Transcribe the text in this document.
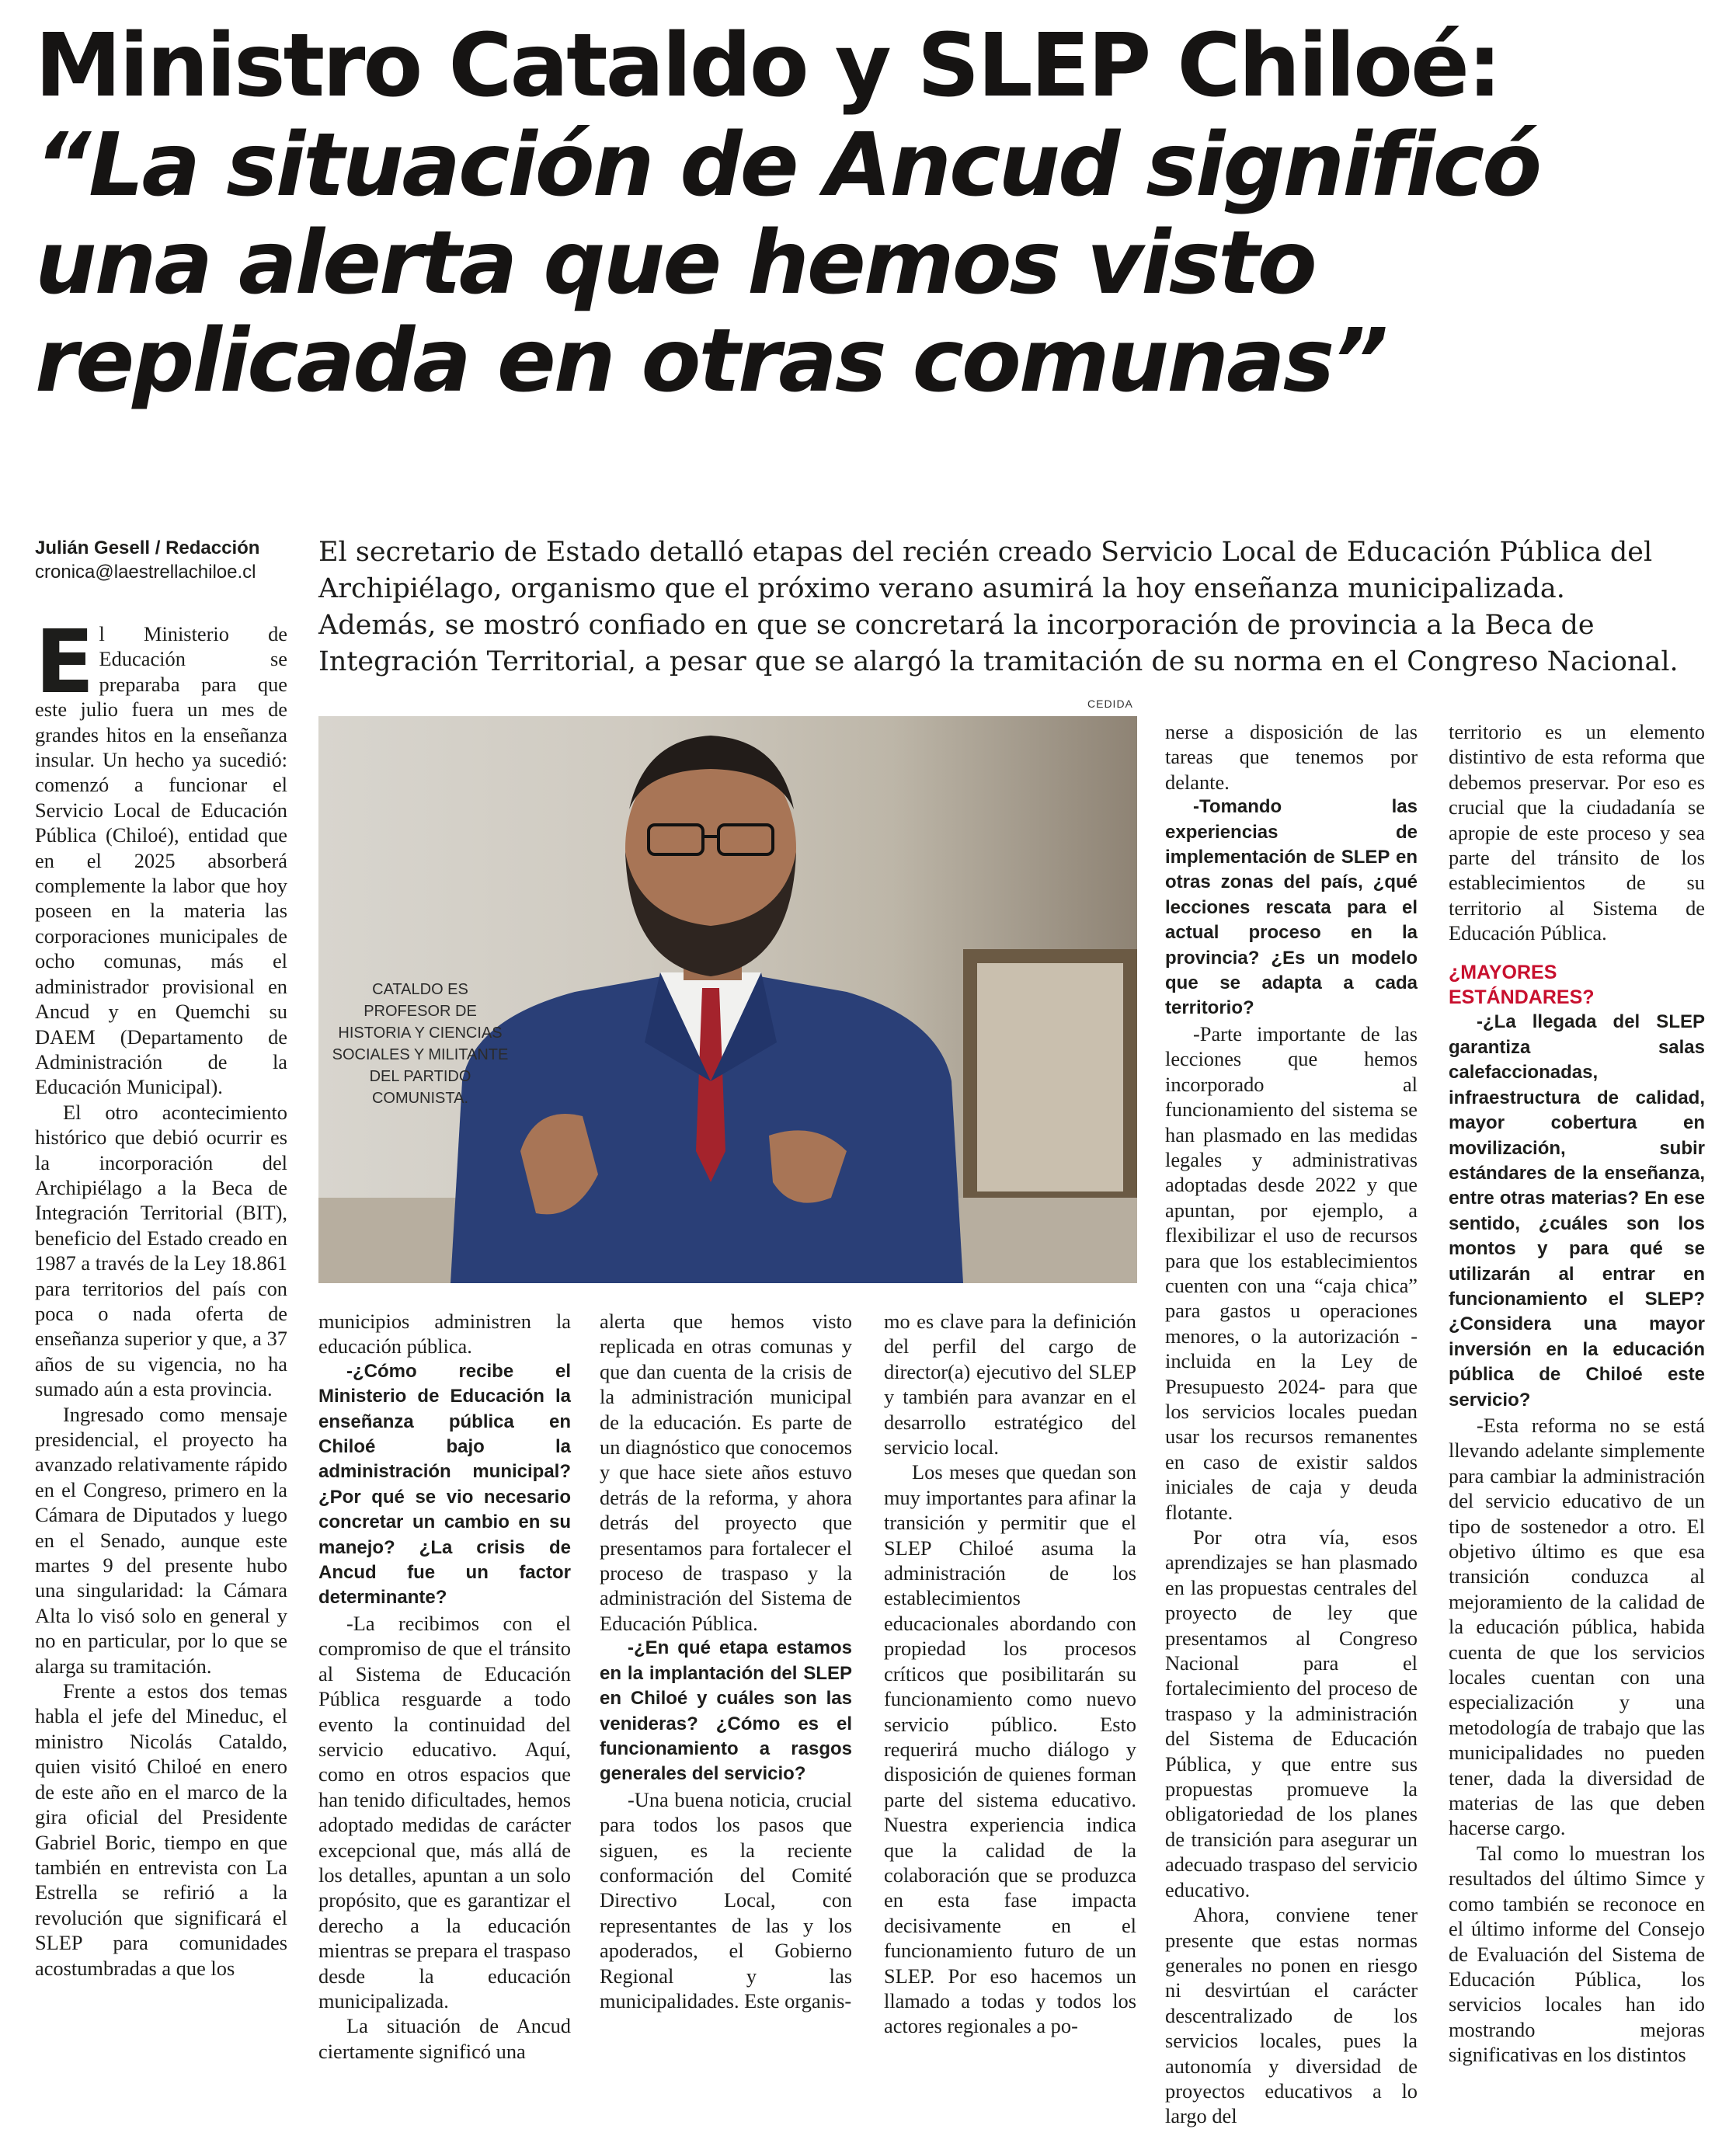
Ministro Cataldo y SLEP Chiloé:
“La situación de Ancud significó
una alerta que hemos visto
replicada en otras comunas”
Julián Gesell / Redacción
cronica@laestrellachiloe.cl
El secretario de Estado detalló etapas del recién creado Servicio Local de Educación Pública del
Archipiélago, organismo que el próximo verano asumirá la hoy enseñanza municipalizada.
Además, se mostró confiado en que se concretará la incorporación de provincia a la Beca de
Integración Territorial, a pesar que se alargó la tramitación de su norma en el Congreso Nacional.
CEDIDA
CATALDO ES PROFESOR DE HISTORIA Y CIENCIAS SOCIALES Y MILITANTE DEL PARTIDO COMUNISTA.

El Ministerio de Educación se preparaba para que este julio fuera un mes de grandes hitos en la enseñanza insular. Un hecho ya sucedió: comenzó a funcionar el Servicio Local de Educación Pública (Chiloé), entidad que en el 2025 absorberá complemente la labor que hoy poseen en la materia las corporaciones municipales de ocho comunas, más el administrador provisional en Ancud y en Quemchi su DAEM (Departamento de Administración de la Educación Municipal).

El otro acontecimiento histórico que debió ocurrir es la incorporación del Archipiélago a la Beca de Integración Territorial (BIT), beneficio del Estado creado en 1987 a través de la Ley 18.861 para territorios del país con poca o nada oferta de enseñanza superior y que, a 37 años de su vigencia, no ha sumado aún a esta provincia.

Ingresado como mensaje presidencial, el proyecto ha avanzado relativamente rápido en el Congreso, primero en la Cámara de Diputados y luego en el Senado, aunque este martes 9 del presente hubo una singularidad: la Cámara Alta lo visó solo en general y no en particular, por lo que se alarga su tramitación.

Frente a estos dos temas habla el jefe del Mineduc, el ministro Nicolás Cataldo, quien visitó Chiloé en enero de este año en el marco de la gira oficial del Presidente Gabriel Boric, tiempo en que también en entrevista con La Estrella se refirió a la revolución que significará el SLEP para comunidades acostumbradas a que los

municipios administren la educación pública.

-¿Cómo recibe el Ministerio de Educación la enseñanza pública en Chiloé bajo la administración municipal? ¿Por qué se vio necesario concretar un cambio en su manejo? ¿La crisis de Ancud fue un factor determinante?

-La recibimos con el compromiso de que el tránsito al Sistema de Educación Pública resguarde a todo evento la continuidad del servicio educativo. Aquí, como en otros espacios que han tenido dificultades, hemos adoptado medidas de carácter excepcional que, más allá de los detalles, apuntan a un solo propósito, que es garantizar el derecho a la educación mientras se prepara el traspaso desde la educación municipalizada.

La situación de Ancud ciertamente significó una

alerta que hemos visto replicada en otras comunas y que dan cuenta de la crisis de la administración municipal de la educación. Es parte de un diagnóstico que conocemos y que hace siete años estuvo detrás de la reforma, y ahora detrás del proyecto que presentamos para fortalecer el proceso de traspaso y la administración del Sistema de Educación Pública.

-¿En qué etapa estamos en la implantación del SLEP en Chiloé y cuáles son las venideras? ¿Cómo es el funcionamiento a rasgos generales del servicio?

-Una buena noticia, crucial para todos los pasos que siguen, es la reciente conformación del Comité Directivo Local, con representantes de las y los apoderados, el Gobierno Regional y las municipalidades. Este organis-

mo es clave para la definición del perfil del cargo de director(a) ejecutivo del SLEP y también para avanzar en el desarrollo estratégico del servicio local.

Los meses que quedan son muy importantes para afinar la transición y permitir que el SLEP Chiloé asuma la administración de los establecimientos educacionales abordando con propiedad los procesos críticos que posibilitarán su funcionamiento como nuevo servicio público. Esto requerirá mucho diálogo y disposición de quienes forman parte del sistema educativo. Nuestra experiencia indica que la calidad de la colaboración que se produzca en esta fase impacta decisivamente en el funcionamiento futuro de un SLEP. Por eso hacemos un llamado a todas y todos los actores regionales a po-

nerse a disposición de las tareas que tenemos por delante.

-Tomando las experiencias de implementación de SLEP en otras zonas del país, ¿qué lecciones rescata para el actual proceso en la provincia? ¿Es un modelo que se adapta a cada territorio?

-Parte importante de las lecciones que hemos incorporado al funcionamiento del sistema se han plasmado en las medidas legales y administrativas adoptadas desde 2022 y que apuntan, por ejemplo, a flexibilizar el uso de recursos para que los establecimientos cuenten con una “caja chica” para gastos u operaciones menores, o la autorización -incluida en la Ley de Presupuesto 2024- para que los servicios locales puedan usar los recursos remanentes en caso de existir saldos iniciales de caja y deuda flotante.

Por otra vía, esos aprendizajes se han plasmado en las propuestas centrales del proyecto de ley que presentamos al Congreso Nacional para el fortalecimiento del proceso de traspaso y la administración del Sistema de Educación Pública, y que entre sus propuestas promueve la obligatoriedad de los planes de transición para asegurar un adecuado traspaso del servicio educativo.

Ahora, conviene tener presente que estas normas generales no ponen en riesgo ni desvirtúan el carácter descentralizado de los servicios locales, pues la autonomía y diversidad de proyectos educativos a lo largo del

territorio es un elemento distintivo de esta reforma que debemos preservar. Por eso es crucial que la ciudadanía se apropie de este proceso y sea parte del tránsito de los establecimientos de su territorio al Sistema de Educación Pública.

¿MAYORES ESTÁNDARES?

-¿La llegada del SLEP garantiza salas calefaccionadas, infraestructura de calidad, mayor cobertura en movilización, subir estándares de la enseñanza, entre otras materias? En ese sentido, ¿cuáles son los montos y para qué se utilizarán al entrar en funcionamiento el SLEP? ¿Considera una mayor inversión en la educación pública de Chiloé este servicio?

-Esta reforma no se está llevando adelante simplemente para cambiar la administración del servicio educativo de un tipo de sostenedor a otro. El objetivo último es que esa transición conduzca al mejoramiento de la calidad de la educación pública, habida cuenta de que los servicios locales cuentan con una especialización y una metodología de trabajo que las municipalidades no pueden tener, dada la diversidad de materias de las que deben hacerse cargo.

Tal como lo muestran los resultados del último Simce y como también se reconoce en el último informe del Consejo de Evaluación del Sistema de Educación Pública, los servicios locales han ido mostrando mejoras significativas en los distintos
